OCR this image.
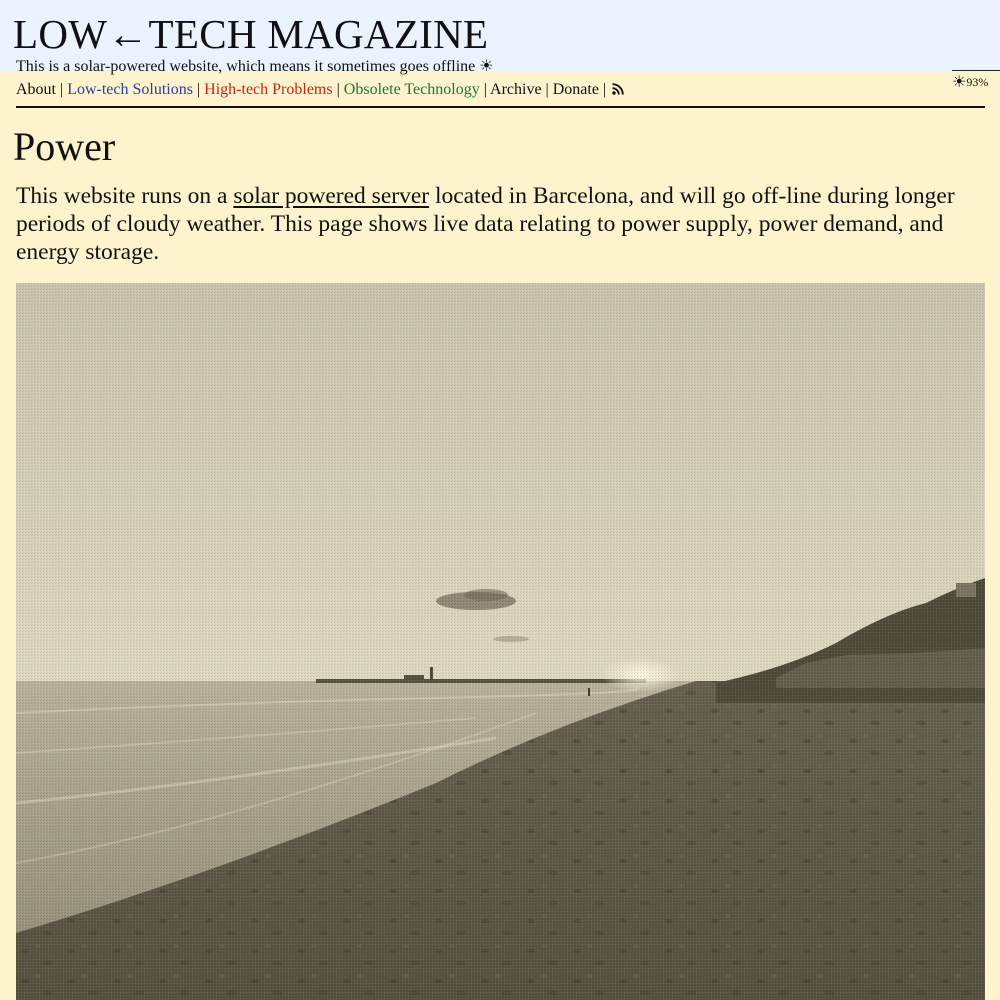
LOW←TECH MAGAZINE
This is a solar-powered website, which means it sometimes goes offline ☀
☀93%
About | Low-tech Solutions | High-tech Problems | Obsolete Technology | Archive | Donate |
Power

This website runs on a solar powered server located in Barcelona, and will go off-line during longer periods of cloudy weather. This page shows live data relating to power supply, power demand, and energy storage.
